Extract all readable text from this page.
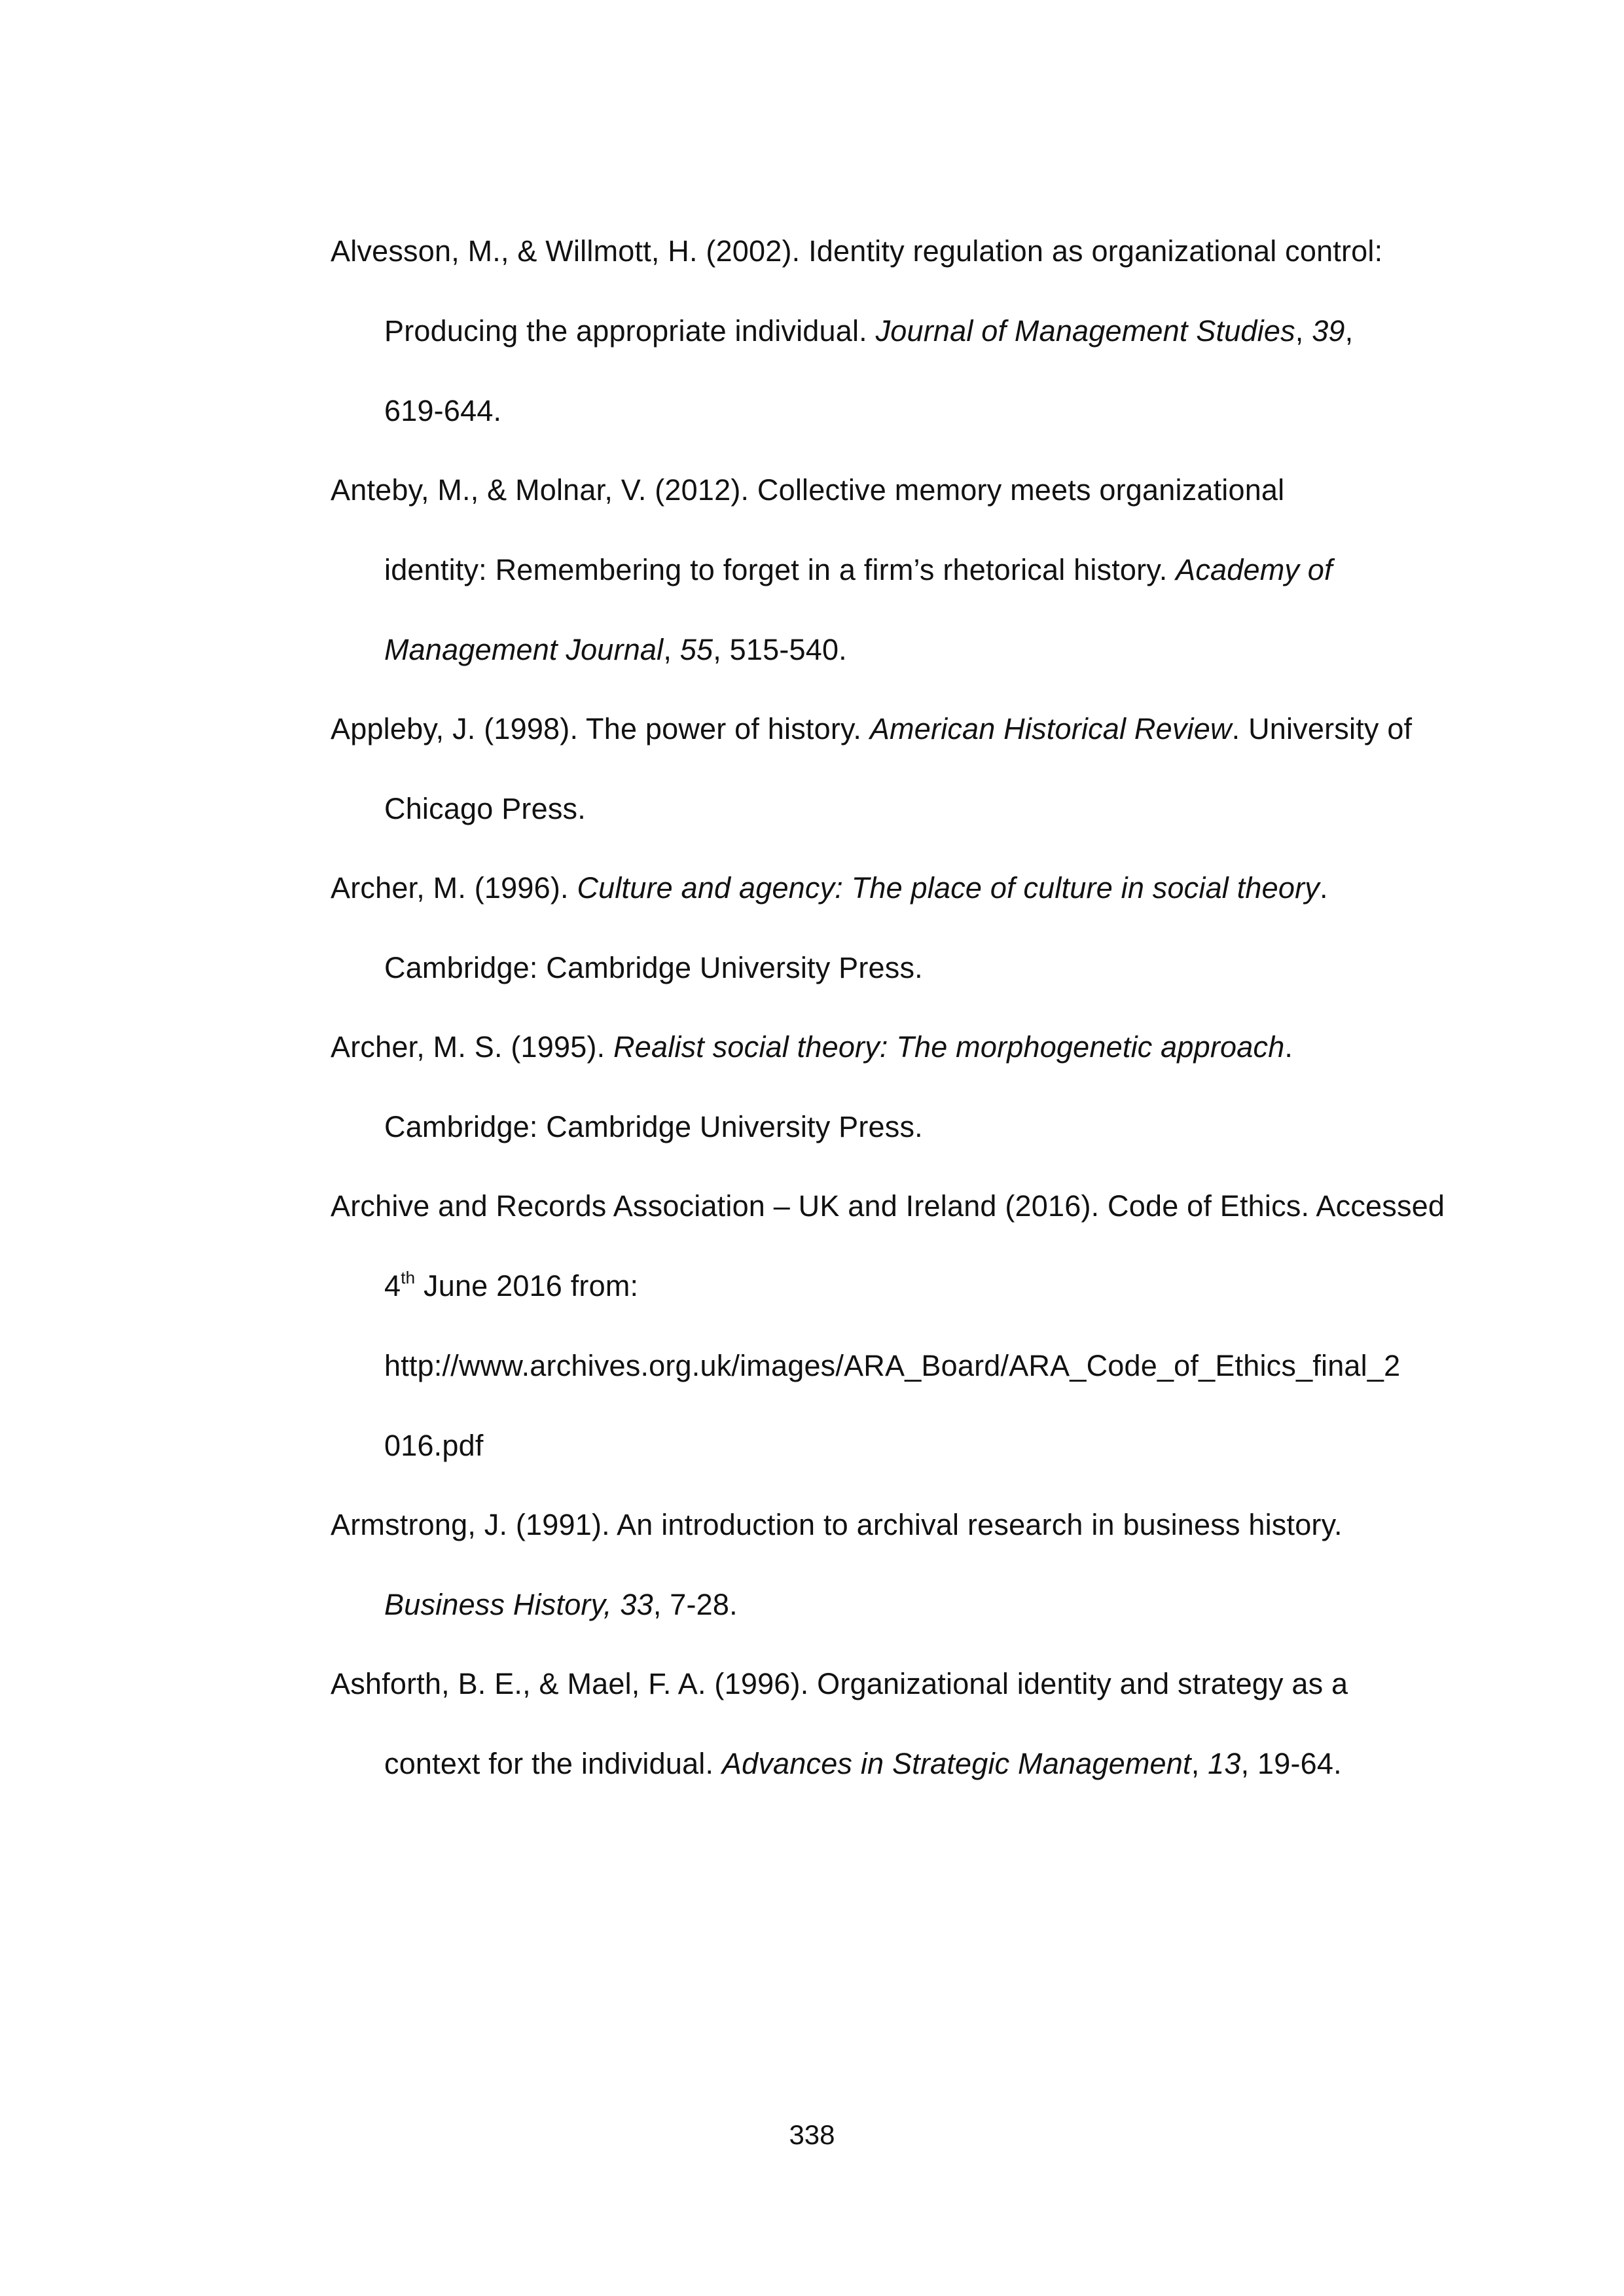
Alvesson, M., & Willmott, H. (2002). Identity regulation as organizational control:
Producing the appropriate individual. Journal of Management Studies, 39,
619-644.

Anteby, M., & Molnar, V. (2012). Collective memory meets organizational
identity: Remembering to forget in a firm’s rhetorical history. Academy of
Management Journal, 55, 515-540.

Appleby, J. (1998). The power of history. American Historical Review. University of
Chicago Press.

Archer, M. (1996). Culture and agency: The place of culture in social theory.
Cambridge: Cambridge University Press.

Archer, M. S. (1995). Realist social theory: The morphogenetic approach.
Cambridge: Cambridge University Press.

Archive and Records Association – UK and Ireland (2016). Code of Ethics. Accessed
4th June 2016 from:
http://www.archives.org.uk/images/ARA_Board/ARA_Code_of_Ethics_final_2
016.pdf

Armstrong, J. (1991). An introduction to archival research in business history.
Business History, 33, 7-28.

Ashforth, B. E., & Mael, F. A. (1996). Organizational identity and strategy as a
context for the individual. Advances in Strategic Management, 13, 19-64.

338
